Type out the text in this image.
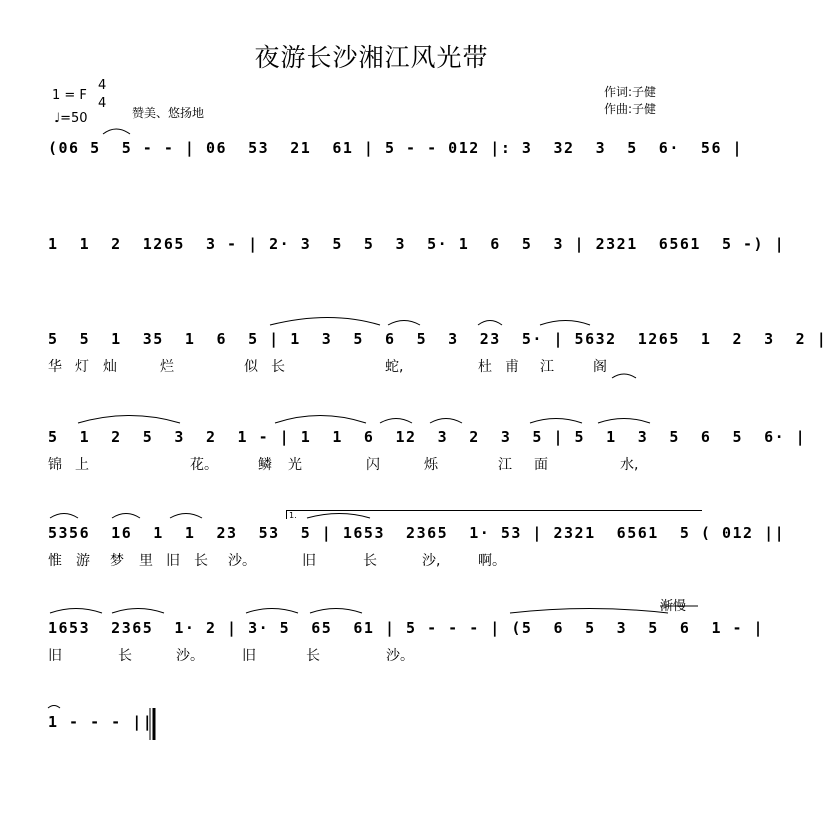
夜游长沙湘江风光带
1 = F
4
4
♩=50	赞美、悠扬地
作词:子健
作曲:子健
(06 5  5 - - | 06  53  21  61 | 5 - - 012 |: 3  32  3  5  6·  56 |
1  1  2  1265  3 - | 2· 3  5  5  3  5· 1  6  5  3 | 2321  6561  5 -) |
5  5  1  35  1  6  5 | 1  3  5  6  5  3  23  5· | 5632  1265  1  2  3  2 |
华 灯 灿	烂	似 长	蛇,	杜 甫 江	阁
5  1  2  5  3  2  1 - | 1  1  6  12  3  2  3  5 | 5  1  3  5  6  5  6· |
锦 上	花。	鳞 光	闪	烁	江 面	水,
1.
5356  16  1  1  23  53  5 | 1653  2365  1· 53 | 2321  6561  5 ( 012 ||
惟 游 梦 里 旧 长 沙。	旧	长	沙,	啊。
渐慢
1653  2365  1· 2 | 3· 5  65  61 | 5 - - - | (5  6  5  3  5  6  1 - |
旧	长	沙。	旧	长	沙。
1 - - - ||
